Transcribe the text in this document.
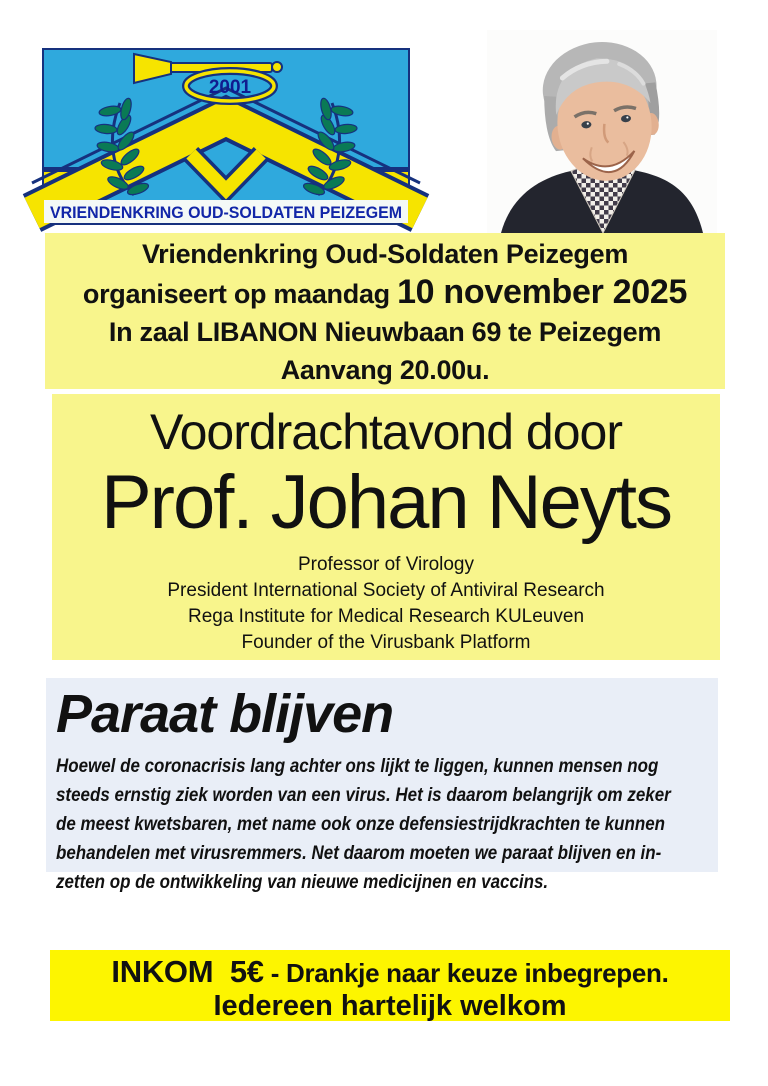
2001
VRIENDENKRING OUD-SOLDATEN PEIZEGEM
Vriendenkring Oud-Soldaten Peizegem
organiseert op maandag 10 november 2025
In zaal LIBANON Nieuwbaan 69 te Peizegem
Aanvang 20.00u.
Voordrachtavond door
Prof. Johan Neyts
Professor of Virology
President International Society of Antiviral Research
Rega Institute for Medical Research KULeuven
Founder of the Virusbank Platform
Paraat blijven
Hoewel de coronacrisis lang achter ons lijkt te liggen, kunnen mensen nog
steeds ernstig ziek worden van een virus. Het is daarom belangrijk om zeker
de meest kwetsbaren, met name ook onze defensiestrijdkrachten te kunnen
behandelen met virusremmers. Net daarom moeten we paraat blijven en in-
zetten op de ontwikkeling van nieuwe medicijnen en vaccins.
INKOM  5€ - Drankje naar keuze inbegrepen.
Iedereen hartelijk welkom
